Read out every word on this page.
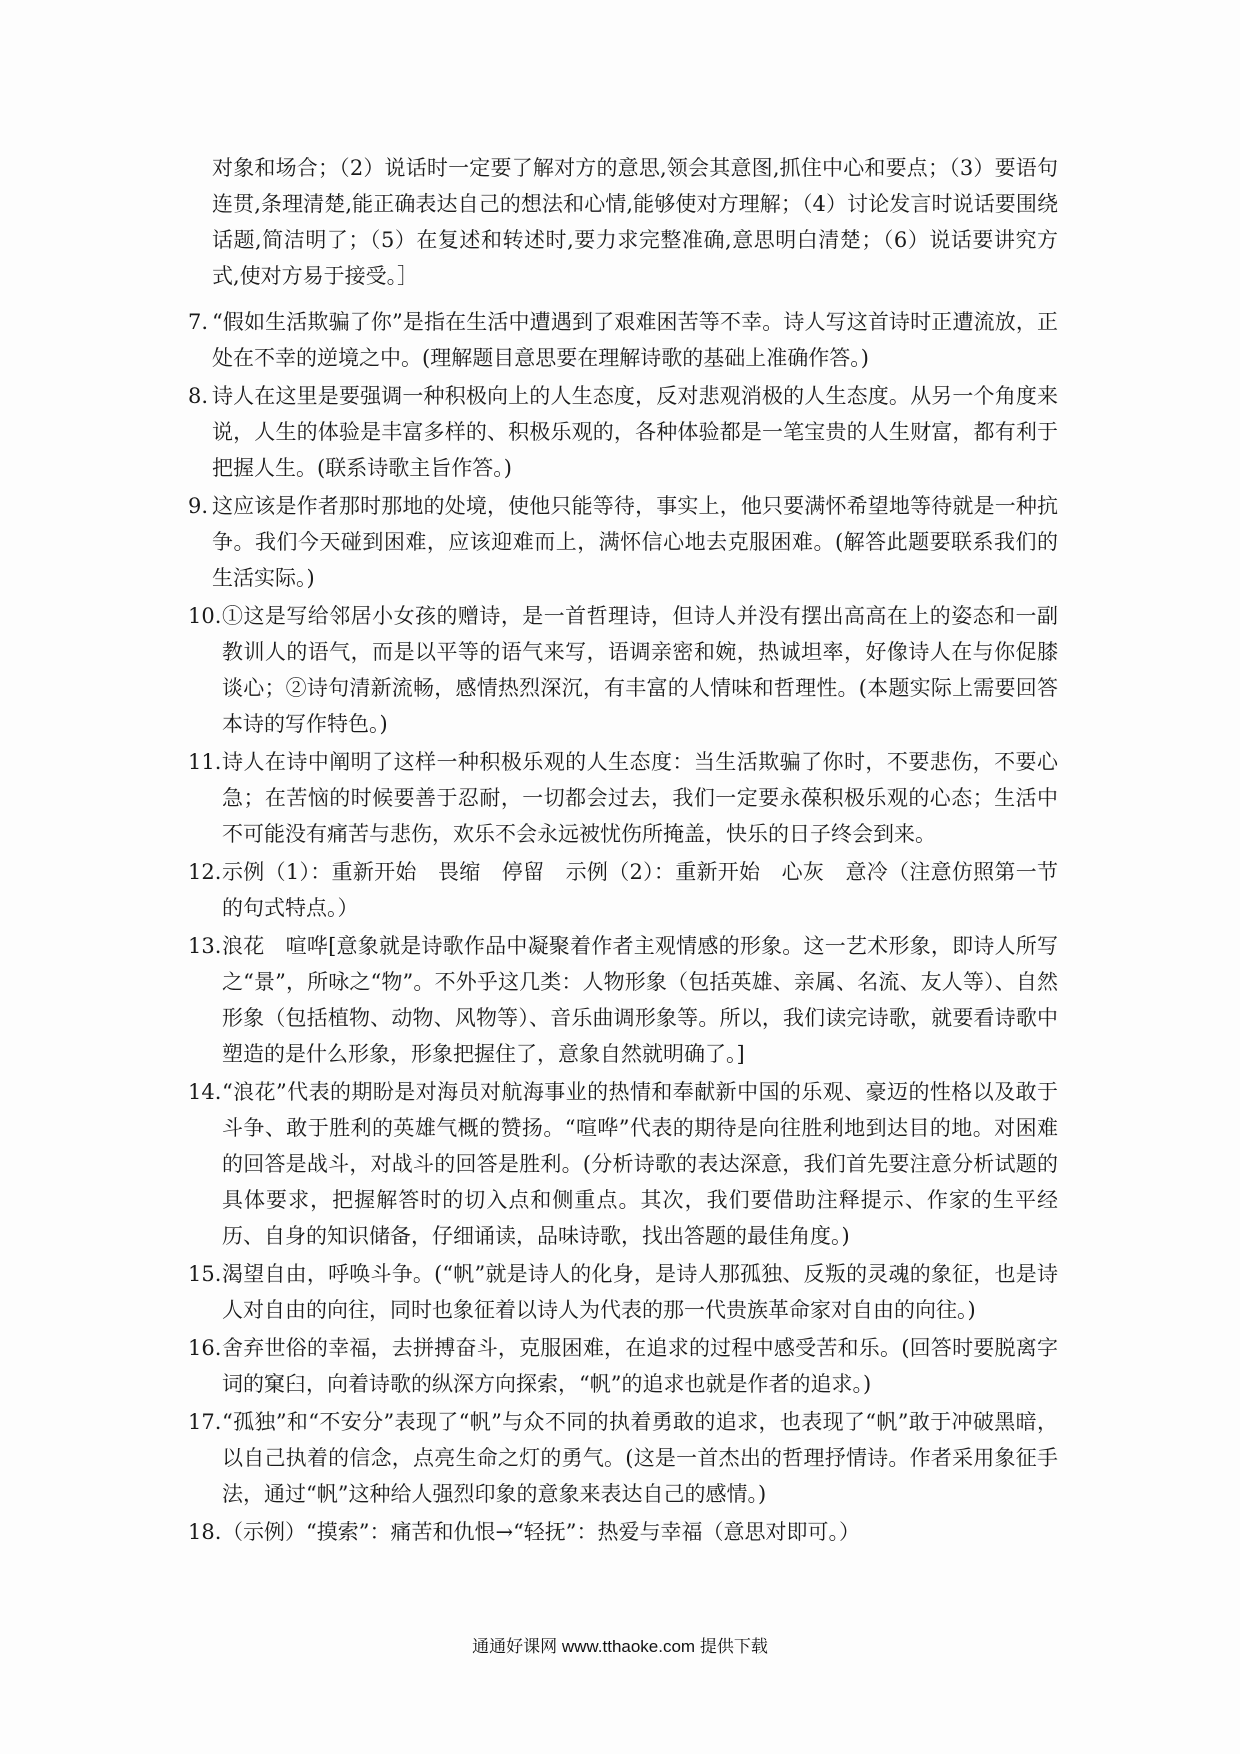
对象和场合；（2）说话时一定要了解对方的意思,领会其意图,抓住中心和要点；（3）要语句连贯,条理清楚,能正确表达自己的想法和心情,能够使对方理解；（4）讨论发言时说话要围绕话题,简洁明了；（5）在复述和转述时,要力求完整准确,意思明白清楚；（6）说话要讲究方式,使对方易于接受。］

7. “假如生活欺骗了你”是指在生活中遭遇到了艰难困苦等不幸。诗人写这首诗时正遭流放，正处在不幸的逆境之中。(理解题目意思要在理解诗歌的基础上准确作答。)
8. 诗人在这里是要强调一种积极向上的人生态度，反对悲观消极的人生态度。从另一个角度来说，人生的体验是丰富多样的、积极乐观的，各种体验都是一笔宝贵的人生财富，都有利于把握人生。(联系诗歌主旨作答。)
9. 这应该是作者那时那地的处境，使他只能等待，事实上，他只要满怀希望地等待就是一种抗争。我们今天碰到困难，应该迎难而上，满怀信心地去克服困难。(解答此题要联系我们的生活实际。)
10. ①这是写给邻居小女孩的赠诗，是一首哲理诗，但诗人并没有摆出高高在上的姿态和一副教训人的语气，而是以平等的语气来写，语调亲密和婉，热诚坦率，好像诗人在与你促膝谈心；②诗句清新流畅，感情热烈深沉，有丰富的人情味和哲理性。(本题实际上需要回答本诗的写作特色。)
11. 诗人在诗中阐明了这样一种积极乐观的人生态度：当生活欺骗了你时，不要悲伤，不要心急；在苦恼的时候要善于忍耐，一切都会过去，我们一定要永葆积极乐观的心态；生活中不可能没有痛苦与悲伤，欢乐不会永远被忧伤所掩盖，快乐的日子终会到来。
12. 示例（1）：重新开始　畏缩　停留　示例（2）：重新开始　心灰　意冷（注意仿照第一节的句式特点。）
13. 浪花　喧哗[意象就是诗歌作品中凝聚着作者主观情感的形象。这一艺术形象，即诗人所写之“景”，所咏之“物”。不外乎这几类：人物形象（包括英雄、亲属、名流、友人等）、自然形象（包括植物、动物、风物等）、音乐曲调形象等。所以，我们读完诗歌，就要看诗歌中塑造的是什么形象，形象把握住了，意象自然就明确了。]
14. “浪花”代表的期盼是对海员对航海事业的热情和奉献新中国的乐观、豪迈的性格以及敢于斗争、敢于胜利的英雄气概的赞扬。“喧哗”代表的期待是向往胜利地到达目的地。对困难的回答是战斗，对战斗的回答是胜利。(分析诗歌的表达深意，我们首先要注意分析试题的具体要求，把握解答时的切入点和侧重点。其次，我们要借助注释提示、作家的生平经历、自身的知识储备，仔细诵读，品味诗歌，找出答题的最佳角度。)
15. 渴望自由，呼唤斗争。(“帆”就是诗人的化身，是诗人那孤独、反叛的灵魂的象征，也是诗人对自由的向往，同时也象征着以诗人为代表的那一代贵族革命家对自由的向往。)
16. 舍弃世俗的幸福，去拼搏奋斗，克服困难，在追求的过程中感受苦和乐。(回答时要脱离字词的窠臼，向着诗歌的纵深方向探索，“帆”的追求也就是作者的追求。)
17. “孤独”和“不安分”表现了“帆”与众不同的执着勇敢的追求，也表现了“帆”敢于冲破黑暗，以自己执着的信念，点亮生命之灯的勇气。(这是一首杰出的哲理抒情诗。作者采用象征手法，通过“帆”这种给人强烈印象的意象来表达自己的感情。)
18. （示例）“摸索”：痛苦和仇恨→“轻抚”：热爱与幸福（意思对即可。）
通通好课网 www.tthaoke.com 提供下载
